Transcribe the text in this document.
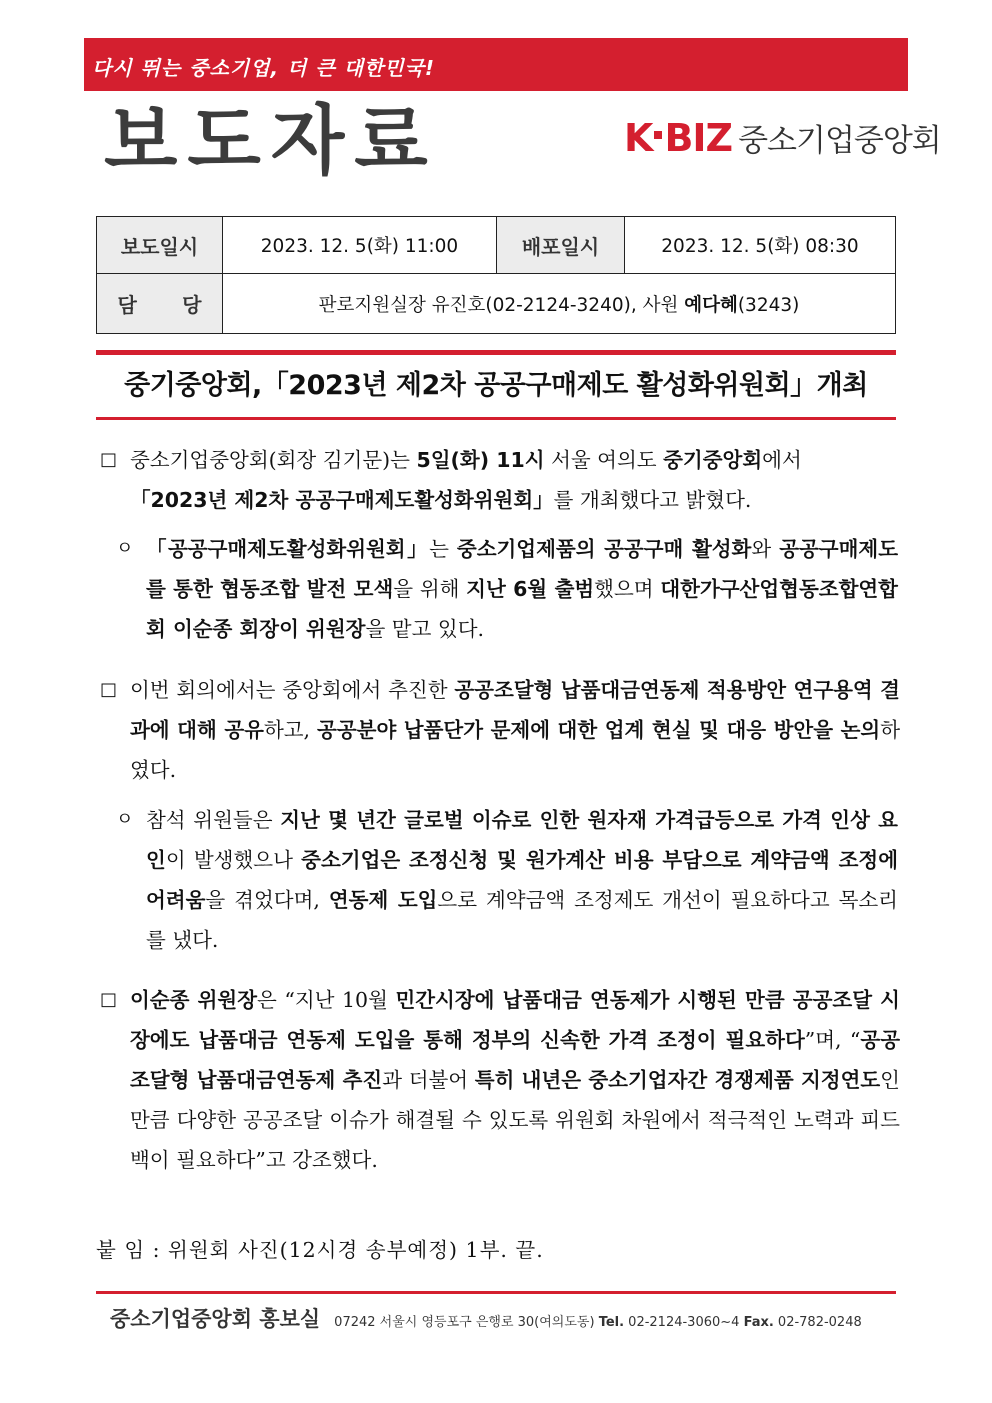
다시 뛰는 중소기업, 더 큰 대한민국!
보도자료	K BIZ 중소기업중앙회
보도일시	2023. 12. 5(화) 11:00	배포일시	2023. 12. 5(화) 08:30

담 당	판로지원실장 유진호(02-2124-3240), 사원 예다혜(3243)		
중기중앙회,「2023년 제2차 공공구매제도 활성화위원회」개최
□ 중소기업중앙회(회장 김기문)는 5일(화) 11시 서울 여의도 중기중앙회에서
「2023년 제2차 공공구매제도활성화위원회」를 개최했다고 밝혔다.
ㅇ 「공공구매제도활성화위원회」는 중소기업제품의 공공구매 활성화와 공공구매제도를 통한 협동조합 발전 모색을 위해 지난 6월 출범했으며 대한가구산업협동조합연합회 이순종 회장이 위원장을 맡고 있다.
□ 이번 회의에서는 중앙회에서 추진한 공공조달형 납품대금연동제 적용방안 연구용역 결과에 대해 공유하고, 공공분야 납품단가 문제에 대한 업계 현실 및 대응 방안을 논의하였다.
ㅇ 참석 위원들은 지난 몇 년간 글로벌 이슈로 인한 원자재 가격급등으로 가격 인상 요인이 발생했으나 중소기업은 조정신청 및 원가계산 비용 부담으로 계약금액 조정에 어려움을 겪었다며, 연동제 도입으로 계약금액 조정제도 개선이 필요하다고 목소리를 냈다.
□ 이순종 위원장은 “지난 10월 민간시장에 납품대금 연동제가 시행된 만큼 공공조달 시장에도 납품대금 연동제 도입을 통해 정부의 신속한 가격 조정이 필요하다”며, “공공조달형 납품대금연동제 추진과 더불어 특히 내년은 중소기업자간 경쟁제품 지정연도인 만큼 다양한 공공조달 이슈가 해결될 수 있도록 위원회 차원에서 적극적인 노력과 피드백이 필요하다”고 강조했다.
붙 임 : 위원회 사진(12시경 송부예정) 1부. 끝.
중소기업중앙회 홍보실 07242 서울시 영등포구 은행로 30(여의도동) Tel. 02-2124-3060~4 Fax. 02-782-0248
